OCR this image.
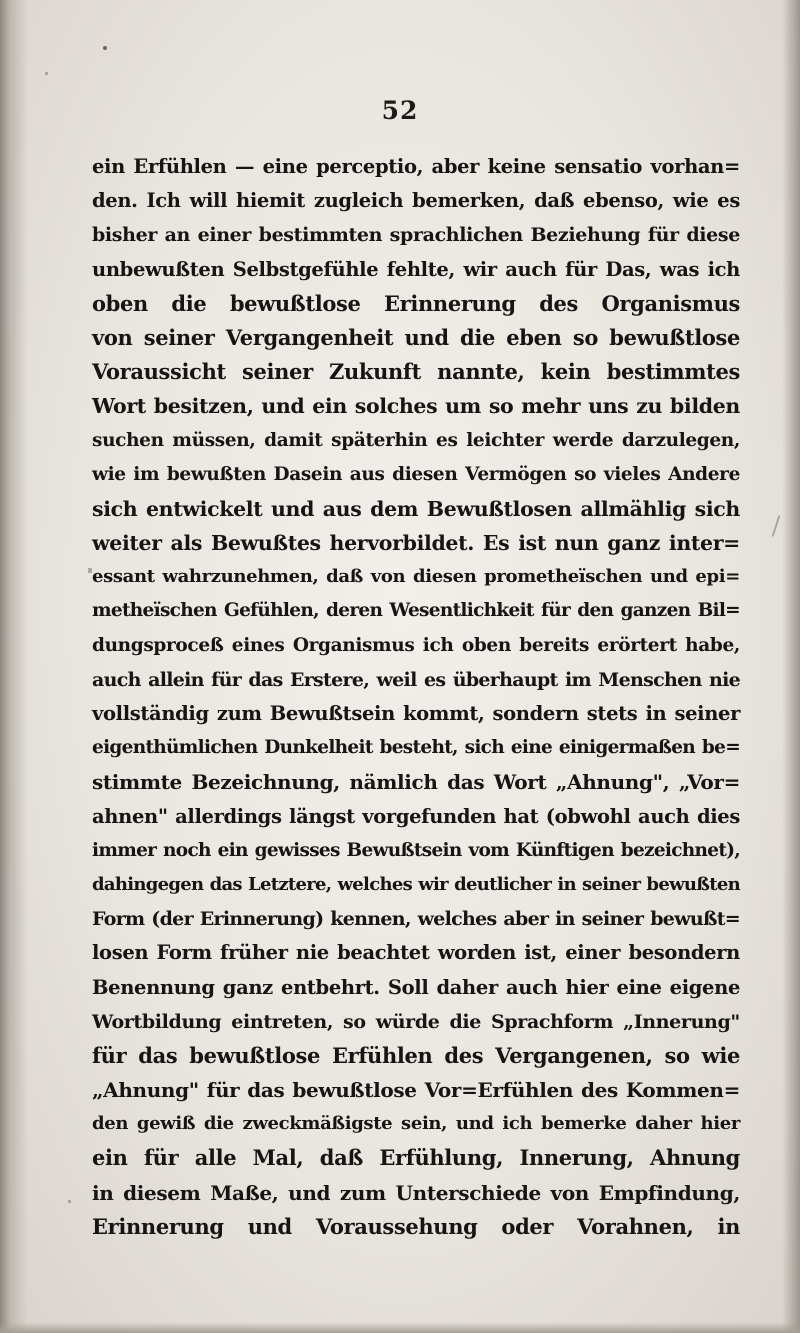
52
ein Erfühlen — eine perceptio, aber keine sensatio vorhan=
den. Ich will hiemit zugleich bemerken, daß ebenso, wie es
bisher an einer bestimmten sprachlichen Beziehung für diese
unbewußten Selbstgefühle fehlte, wir auch für Das, was ich
oben die bewußtlose Erinnerung des Organismus
von seiner Vergangenheit und die eben so bewußtlose
Voraussicht seiner Zukunft nannte, kein bestimmtes
Wort besitzen, und ein solches um so mehr uns zu bilden
suchen müssen, damit späterhin es leichter werde darzulegen,
wie im bewußten Dasein aus diesen Vermögen so vieles Andere
sich entwickelt und aus dem Bewußtlosen allmählig sich
weiter als Bewußtes hervorbildet. Es ist nun ganz inter=
essant wahrzunehmen, daß von diesen prometheïschen und epi=
metheïschen Gefühlen, deren Wesentlichkeit für den ganzen Bil=
dungsproceß eines Organismus ich oben bereits erörtert habe,
auch allein für das Erstere, weil es überhaupt im Menschen nie
vollständig zum Bewußtsein kommt, sondern stets in seiner
eigenthümlichen Dunkelheit besteht, sich eine einigermaßen be=
stimmte Bezeichnung, nämlich das Wort „Ahnung", „Vor=
ahnen" allerdings längst vorgefunden hat (obwohl auch dies
immer noch ein gewisses Bewußtsein vom Künftigen bezeichnet),
dahingegen das Letztere, welches wir deutlicher in seiner bewußten
Form (der Erinnerung) kennen, welches aber in seiner bewußt=
losen Form früher nie beachtet worden ist, einer besondern
Benennung ganz entbehrt. Soll daher auch hier eine eigene
Wortbildung eintreten, so würde die Sprachform „Innerung"
für das bewußtlose Erfühlen des Vergangenen, so wie
„Ahnung" für das bewußtlose Vor=Erfühlen des Kommen=
den gewiß die zweckmäßigste sein, und ich bemerke daher hier
ein für alle Mal, daß Erfühlung, Innerung, Ahnung
in diesem Maße, und zum Unterschiede von Empfindung,
Erinnerung und Voraussehung oder Vorahnen, in
